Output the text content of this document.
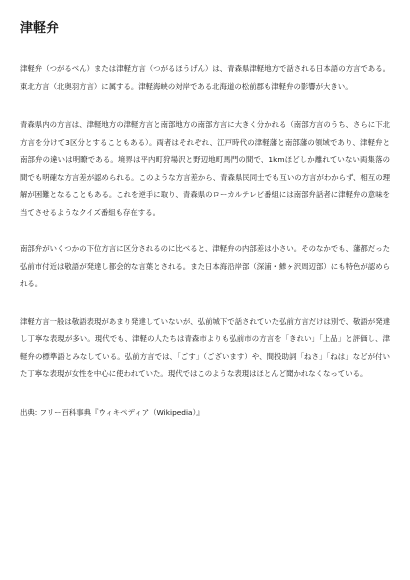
津軽弁

津軽弁（つがるべん）または津軽方言（つがるほうげん）は、青森県津軽地方で話される日本語の方言である。東北方言（北奥羽方言）に属する。津軽海峡の対岸である北海道の松前郡も津軽弁の影響が大きい。

青森県内の方言は、津軽地方の津軽方言と南部地方の南部方言に大きく分かれる（南部方言のうち、さらに下北方言を分けて3区分とすることもある）。両者はそれぞれ、江戸時代の津軽藩と南部藩の領域であり、津軽弁と南部弁の違いは明瞭である。境界は平内町狩場沢と野辺地町馬門の間で、1kmほどしか離れていない両集落の間でも明確な方言差が認められる。このような方言差から、青森県民同士でも互いの方言がわからず、相互の理解が困難となることもある。これを逆手に取り、青森県のローカルテレビ番組には南部弁話者に津軽弁の意味を当てさせるようなクイズ番組も存在する。

南部弁がいくつかの下位方言に区分されるのに比べると、津軽弁の内部差は小さい。そのなかでも、藩都だった弘前市付近は敬語が発達し都会的な言葉とされる。また日本海沿岸部（深浦・鰺ヶ沢周辺部）にも特色が認められる。

津軽方言一般は敬語表現があまり発達していないが、弘前城下で話されていた弘前方言だけは別で、敬語が発達し丁寧な表現が多い。現代でも、津軽の人たちは青森市よりも弘前市の方言を「きれい」「上品」と評価し、津軽弁の標準語とみなしている。弘前方言では、「ごす」（ございます）や、間投助詞「ねさ」「ねは」などが付いた丁寧な表現が女性を中心に使われていた。現代ではこのような表現はほとんど聞かれなくなっている。

出典: フリー百科事典『ウィキペディア（Wikipedia）』
